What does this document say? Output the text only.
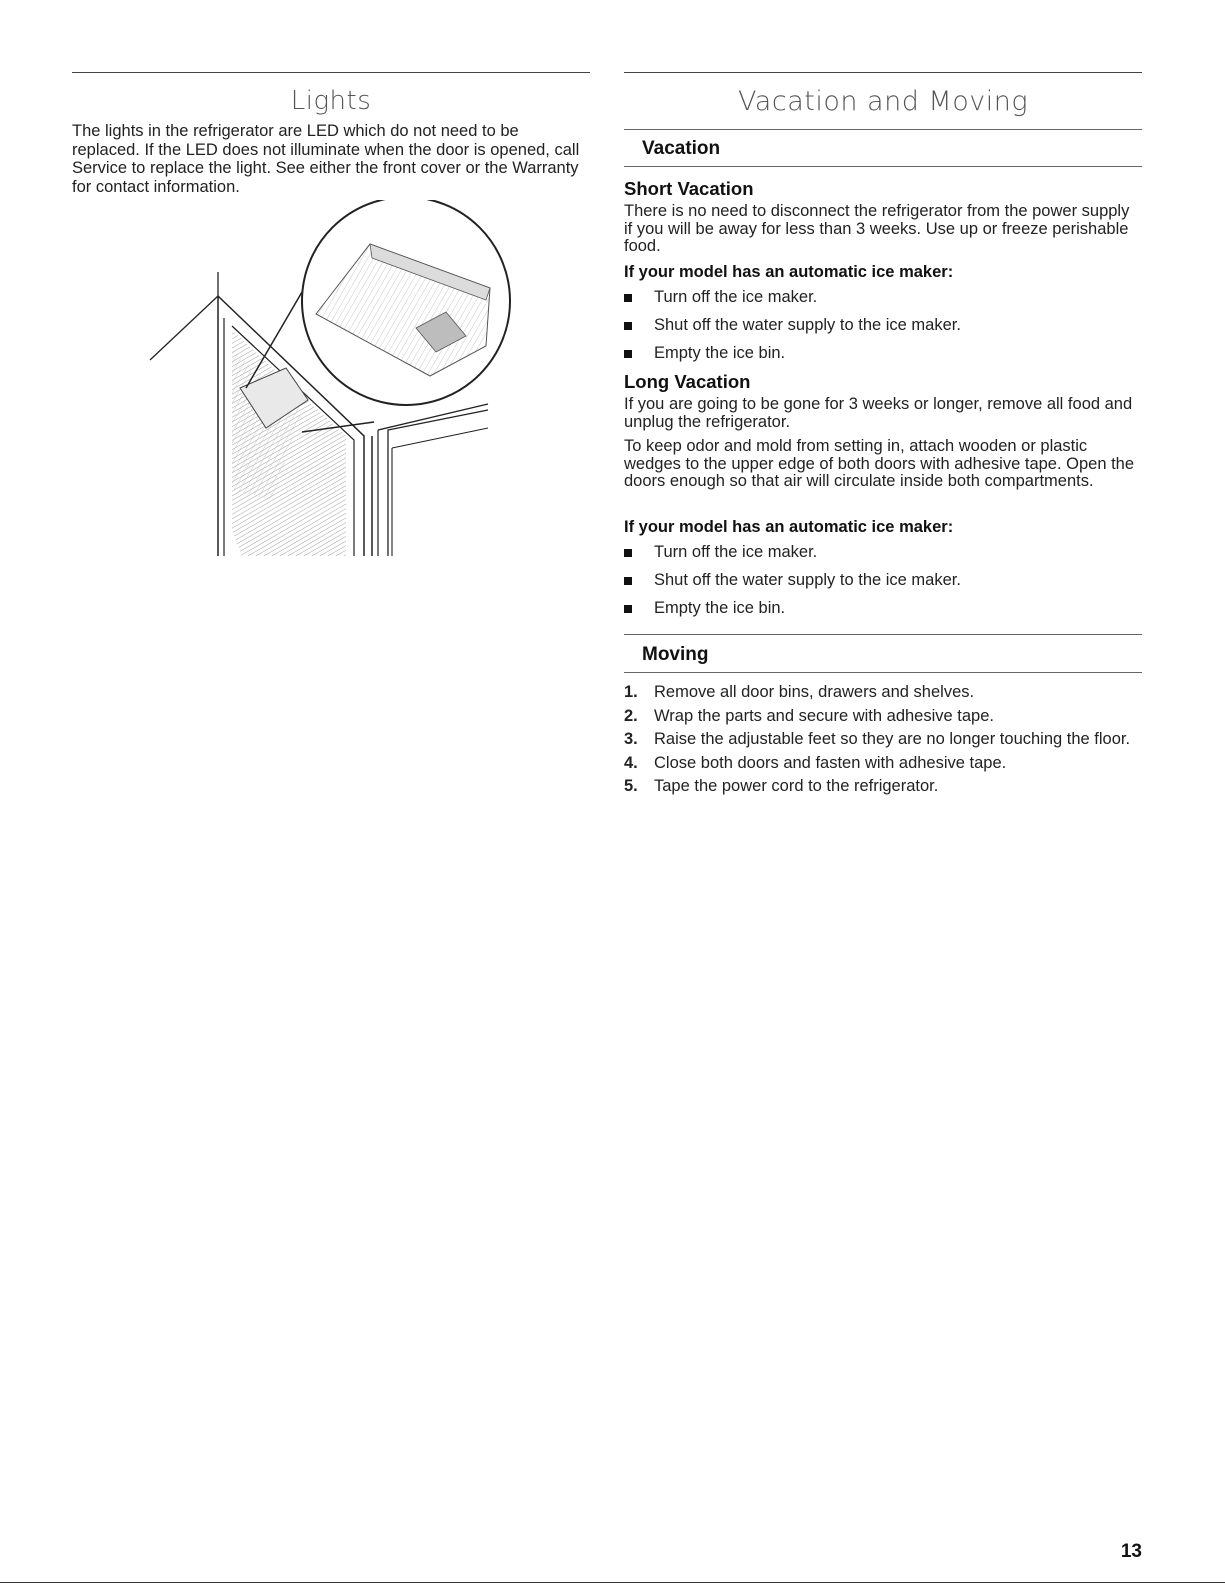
Lights

The lights in the refrigerator are LED which do not need to be replaced. If the LED does not illuminate when the door is opened, call Service to replace the light. See either the front cover or the Warranty for contact information.

Vacation and Moving
Vacation
Short Vacation
There is no need to disconnect the refrigerator from the power supply if you will be away for less than 3 weeks. Use up or freeze perishable food.
If your model has an automatic ice maker:
Turn off the ice maker.
Shut off the water supply to the ice maker.
Empty the ice bin.
Long Vacation
If you are going to be gone for 3 weeks or longer, remove all food and unplug the refrigerator.
To keep odor and mold from setting in, attach wooden or plastic wedges to the upper edge of both doors with adhesive tape. Open the doors enough so that air will circulate inside both compartments.
If your model has an automatic ice maker:
Turn off the ice maker.
Shut off the water supply to the ice maker.
Empty the ice bin.
Moving
1. Remove all door bins, drawers and shelves.
2. Wrap the parts and secure with adhesive tape.
3. Raise the adjustable feet so they are no longer touching the floor.
4. Close both doors and fasten with adhesive tape.
5. Tape the power cord to the refrigerator.
13
